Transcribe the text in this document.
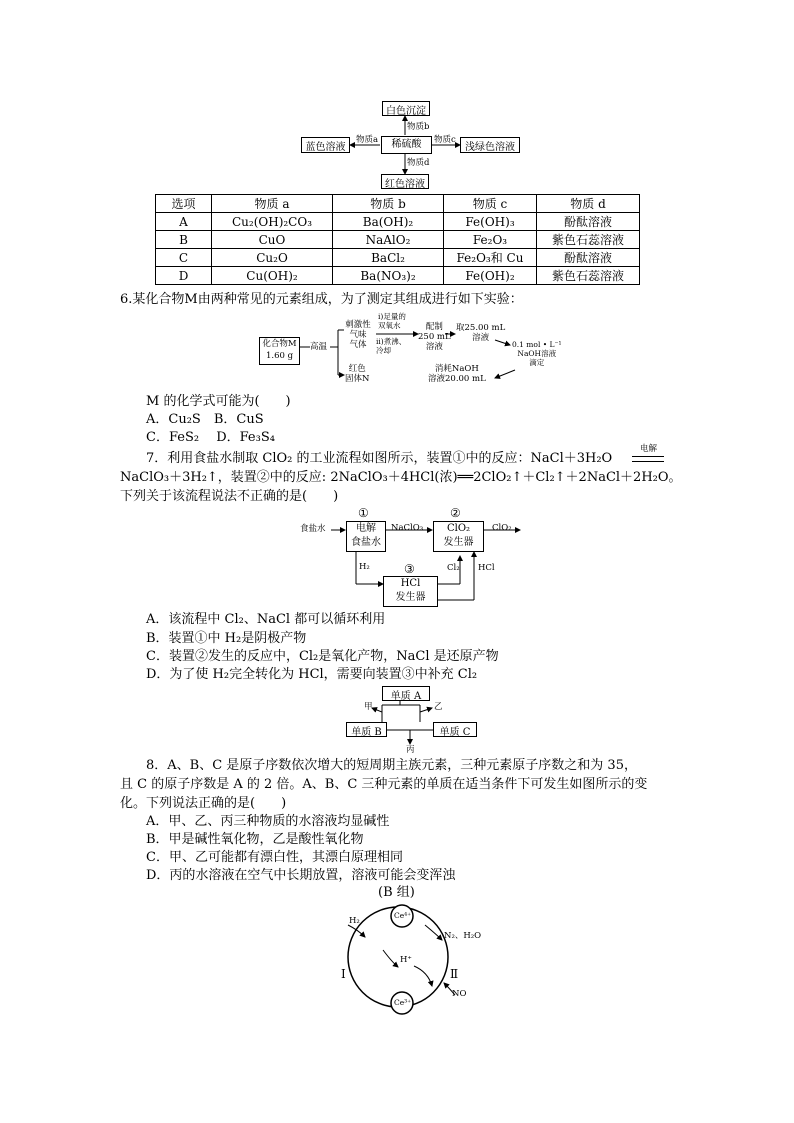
白色沉淀
蓝色溶液	稀硫酸	浅绿色溶液
红色溶液
物质b
物质a	物质c
物质d
选项	物质 a	物质 b	物质 c	物质 d
A	Cu₂(OH)₂CO₃	Ba(OH)₂	Fe(OH)₃	酚酞溶液
B	CuO	NaAlO₂	Fe₂O₃	紫色石蕊溶液
C	Cu₂O	BaCl₂	Fe₂O₃和 Cu	酚酞溶液
D	Cu(OH)₂	Ba(NO₃)₂	Fe(OH)₂	紫色石蕊溶液
6.某化合物M由两种常见的元素组成，为了测定其组成进行如下实验：
化合物M
1.60 g
高温
刺激性
气味
气体
i)足量的
双氧水
ii)煮沸、
冷却
配制
250 mL
溶液
取25.00 mL
溶液
0.1 mol • L⁻¹
NaOH溶液
滴定
红色
固体N
消耗NaOH
溶液20.00 mL
M 的化学式可能为(　　)
A．Cu₂S　B．CuS
C．FeS₂　 D．Fe₃S₄
7．利用食盐水制取 ClO₂ 的工业流程如图所示，装置①中的反应：NaCl＋3H₂O
电解
NaClO₃＋3H₂↑，装置②中的反应: 2NaClO₃＋4HCl(浓)══2ClO₂↑＋Cl₂↑＋2NaCl＋2H₂O。
下列关于该流程说法不正确的是(　　)
食盐水
①	②
③
电解
食盐水
NaClO₃	ClO₂
发生器
ClO₂
H₂	Cl₂ HCl
HCl
发生器
A．该流程中 Cl₂、NaCl 都可以循环利用
B．装置①中 H₂是阴极产物
C．装置②发生的反应中，Cl₂是氧化产物，NaCl 是还原产物
D．为了使 H₂完全转化为 HCl，需要向装置③中补充 Cl₂
单质 A
单质 B	单质 C
甲	乙
丙
8．A、B、C 是原子序数依次增大的短周期主族元素，三种元素原子序数之和为 35，
且 C 的原子序数是 A 的 2 倍。A、B、C 三种元素的单质在适当条件下可发生如图所示的变
化。下列说法正确的是(　　)
A．甲、乙、丙三种物质的水溶液均显碱性
B．甲是碱性氧化物，乙是酸性氧化物
C．甲、乙可能都有漂白性，其漂白原理相同
D．丙的水溶液在空气中长期放置，溶液可能会变浑浊
(B 组)
Ce⁴⁺
Ce³⁺
H₂
H⁺
N₂、H₂O
NO
Ⅰ	Ⅱ
